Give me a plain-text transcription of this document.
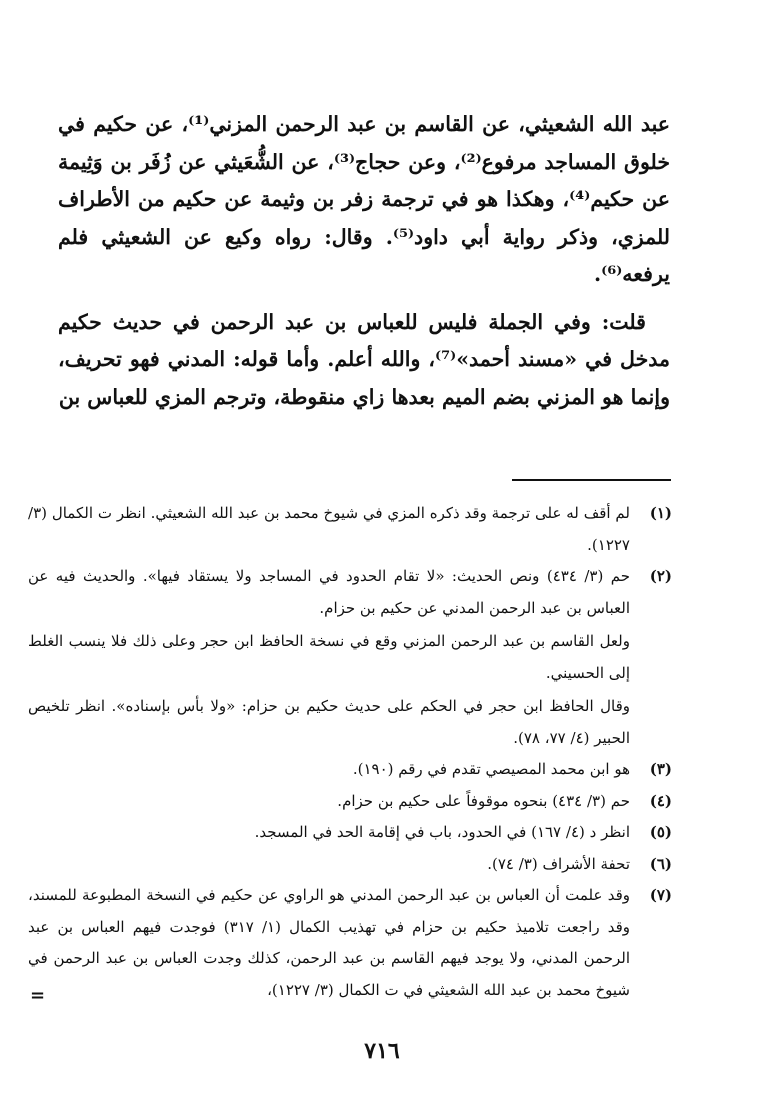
عبد الله الشعيثي، عن القاسم بن عبد الرحمن المزني⁽¹⁾، عن حكيم في خلوق المساجد مرفوع⁽²⁾، وعن حجاج⁽³⁾، عن الشُّعَيثي عن زُفَر بن وَثِيمة عن حكيم⁽⁴⁾، وهكذا هو في ترجمة زفر بن وثيمة عن حكيم من الأطراف للمزي، وذكر رواية أبي داود⁽⁵⁾. وقال: رواه وكيع عن الشعيثي فلم يرفعه⁽⁶⁾.

قلت: وفي الجملة فليس للعباس بن عبد الرحمن في حديث حكيم مدخل في «مسند أحمد»⁽⁷⁾، والله أعلم. وأما قوله: المدني فهو تحريف، وإنما هو المزني بضم الميم بعدها زاي منقوطة، وترجم المزي للعباس بن

(١)
لم أقف له على ترجمة وقد ذكره المزي في شيوخ محمد بن عبد الله الشعيثي. انظر ت الكمال (٣/ ١٢٢٧).
(٢)
حم (٣/ ٤٣٤) ونص الحديث: «لا تقام الحدود في المساجد ولا يستقاد فيها». والحديث فيه عن العباس بن عبد الرحمن المدني عن حكيم بن حزام.
ولعل القاسم بن عبد الرحمن المزني وقع في نسخة الحافظ ابن حجر وعلى ذلك فلا ينسب الغلط إلى الحسيني.
وقال الحافظ ابن حجر في الحكم على حديث حكيم بن حزام: «ولا بأس بإسناده». انظر تلخيص الحبير (٤/ ٧٧، ٧٨).
(٣)
هو ابن محمد المصيصي تقدم في رقم (١٩٠).
(٤)
حم (٣/ ٤٣٤) بنحوه موقوفاً على حكيم بن حزام.
(٥)
انظر د (٤/ ١٦٧) في الحدود، باب في إقامة الحد في المسجد.
(٦)
تحفة الأشراف (٣/ ٧٤).
(٧)
وقد علمت أن العباس بن عبد الرحمن المدني هو الراوي عن حكيم في النسخة المطبوعة للمسند، وقد راجعت تلاميذ حكيم بن حزام في تهذيب الكمال (١/ ٣١٧) فوجدت فيهم العباس بن عبد الرحمن المدني، ولا يوجد فيهم القاسم بن عبد الرحمن، كذلك وجدت العباس بن عبد الرحمن في شيوخ محمد بن عبد الله الشعيثي في ت الكمال (٣/ ١٢٢٧)،
=
٧١٦
